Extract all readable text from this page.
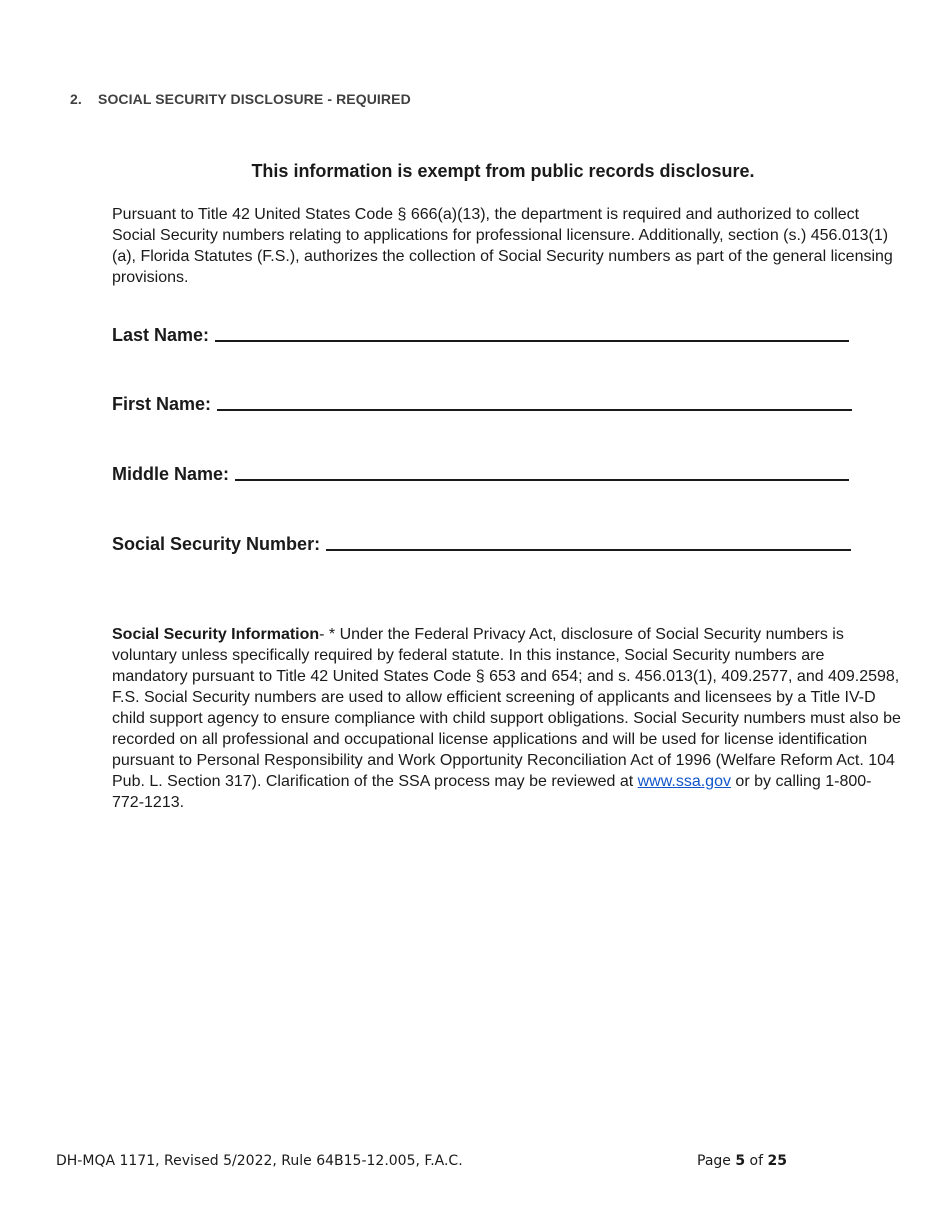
2. SOCIAL SECURITY DISCLOSURE - REQUIRED
This information is exempt from public records disclosure.
Pursuant to Title 42 United States Code § 666(a)(13), the department is required and authorized to collect Social Security numbers relating to applications for professional licensure. Additionally, section (s.) 456.013(1)(a), Florida Statutes (F.S.), authorizes the collection of Social Security numbers as part of the general licensing provisions.
Last Name:
First Name:
Middle Name:
Social Security Number:
Social Security Information- * Under the Federal Privacy Act, disclosure of Social Security numbers is voluntary unless specifically required by federal statute. In this instance, Social Security numbers are mandatory pursuant to Title 42 United States Code § 653 and 654; and s. 456.013(1), 409.2577, and 409.2598, F.S. Social Security numbers are used to allow efficient screening of applicants and licensees by a Title IV-D child support agency to ensure compliance with child support obligations. Social Security numbers must also be recorded on all professional and occupational license applications and will be used for license identification pursuant to Personal Responsibility and Work Opportunity Reconciliation Act of 1996 (Welfare Reform Act. 104 Pub. L. Section 317). Clarification of the SSA process may be reviewed at www.ssa.gov or by calling 1-800-772-1213.
DH-MQA 1171, Revised 5/2022, Rule 64B15-12.005, F.A.C.	Page 5 of 25
